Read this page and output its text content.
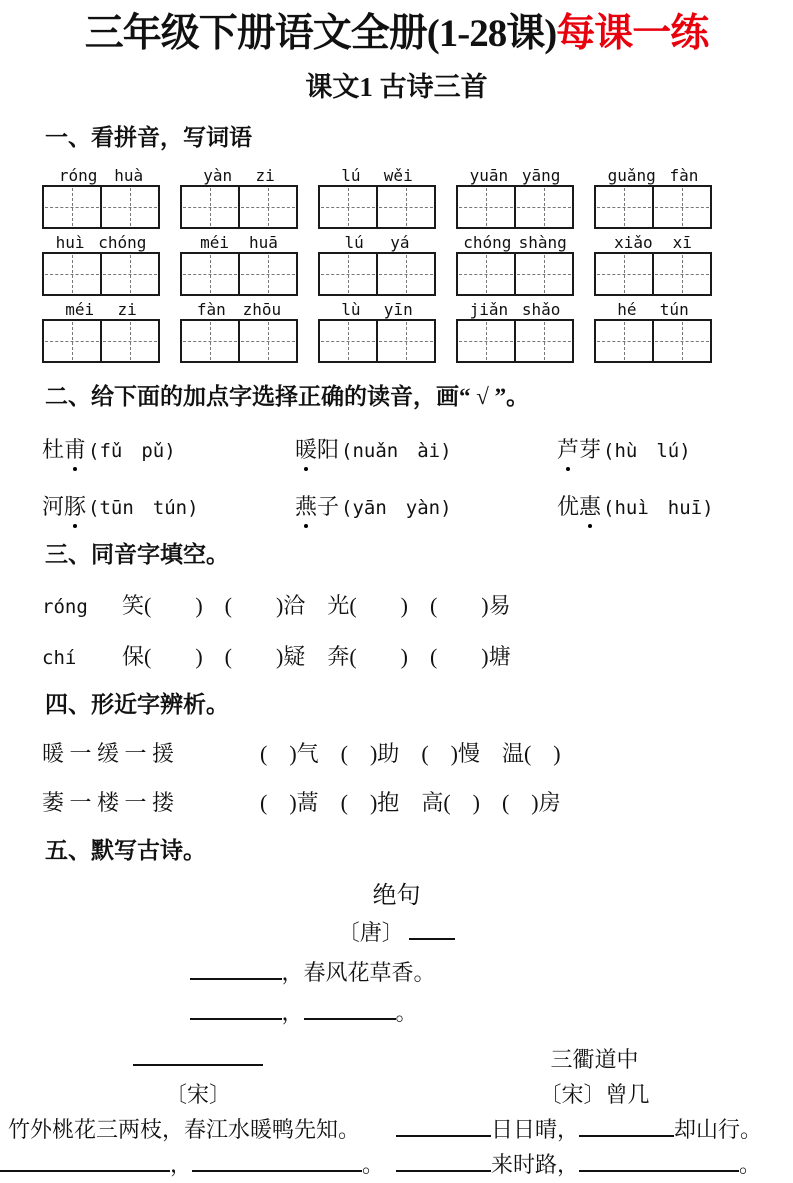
三年级下册语文全册(1-28课)每课一练
课文1 古诗三首
一、看拼音，写词语
róng huà	yàn zi	lú wěi	yuān yāng	guǎng fàn
huì chóng	méi huā	lú yá	chóng shàng	xiǎo xī
méi zi	fàn zhōu	lù yīn	jiǎn shǎo	hé tún
二、给下面的加点字选择正确的读音，画“ √ ”。
杜甫 (fǔ　pǔ)	暖阳 (nuǎn　ài)	芦芽 (hù　lú)
河豚 (tūn　tún)	燕子 (yān　yàn)	优惠 (huì　huī)
三、同音字填空。
róng	笑(　　) (　　)洽 光(　　) (　　)易
chí	保(　　) (　　)疑 奔(　　) (　　)塘
四、形近字辨析。
暖 一 缓 一 援	(　)气 (　)助 (　)慢 温(　)
萎 一 楼 一 搂	(　)蒿 (　)抱 高(　) (　)房
五、默写古诗。
绝句
〔唐〕
，春风花草香。
，	。
〔宋〕
竹外桃花三两枝，春江水暖鸭先知。
，	。
三衢道中
〔宋〕曾几
日日晴，	却山行。
来时路，	。
